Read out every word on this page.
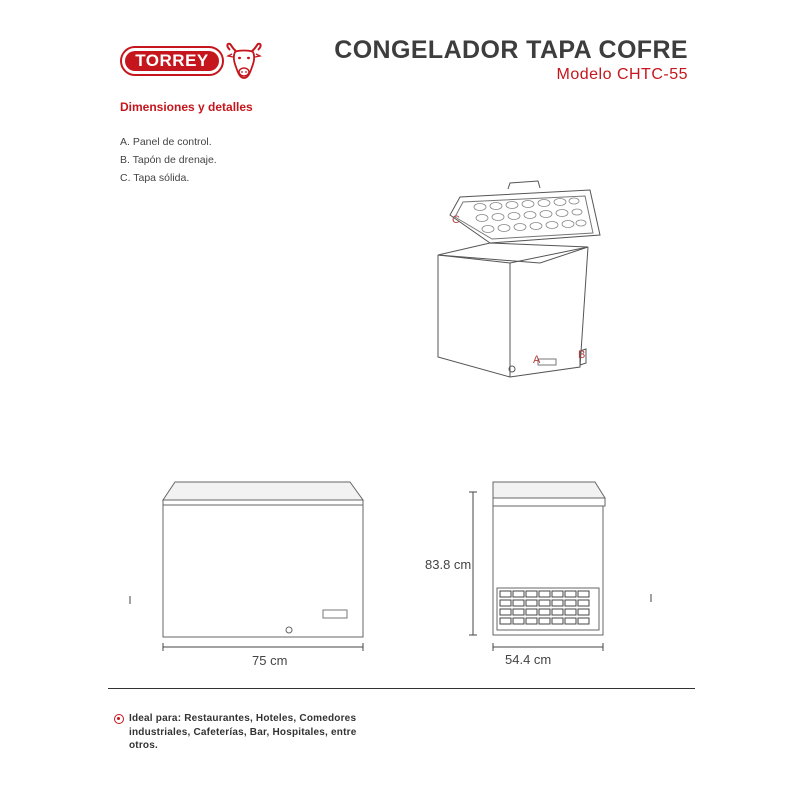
TORREY	CONGELADOR TAPA COFRE
Modelo CHTC-55
Dimensiones y detalles
A. Panel de control.
B. Tapón de drenaje.
C. Tapa sólida.
C
A	B
75 cm
83.8 cm
54.4 cm
Ideal para: Restaurantes, Hoteles, Comedores industriales, Cafeterías, Bar, Hospitales, entre otros.
